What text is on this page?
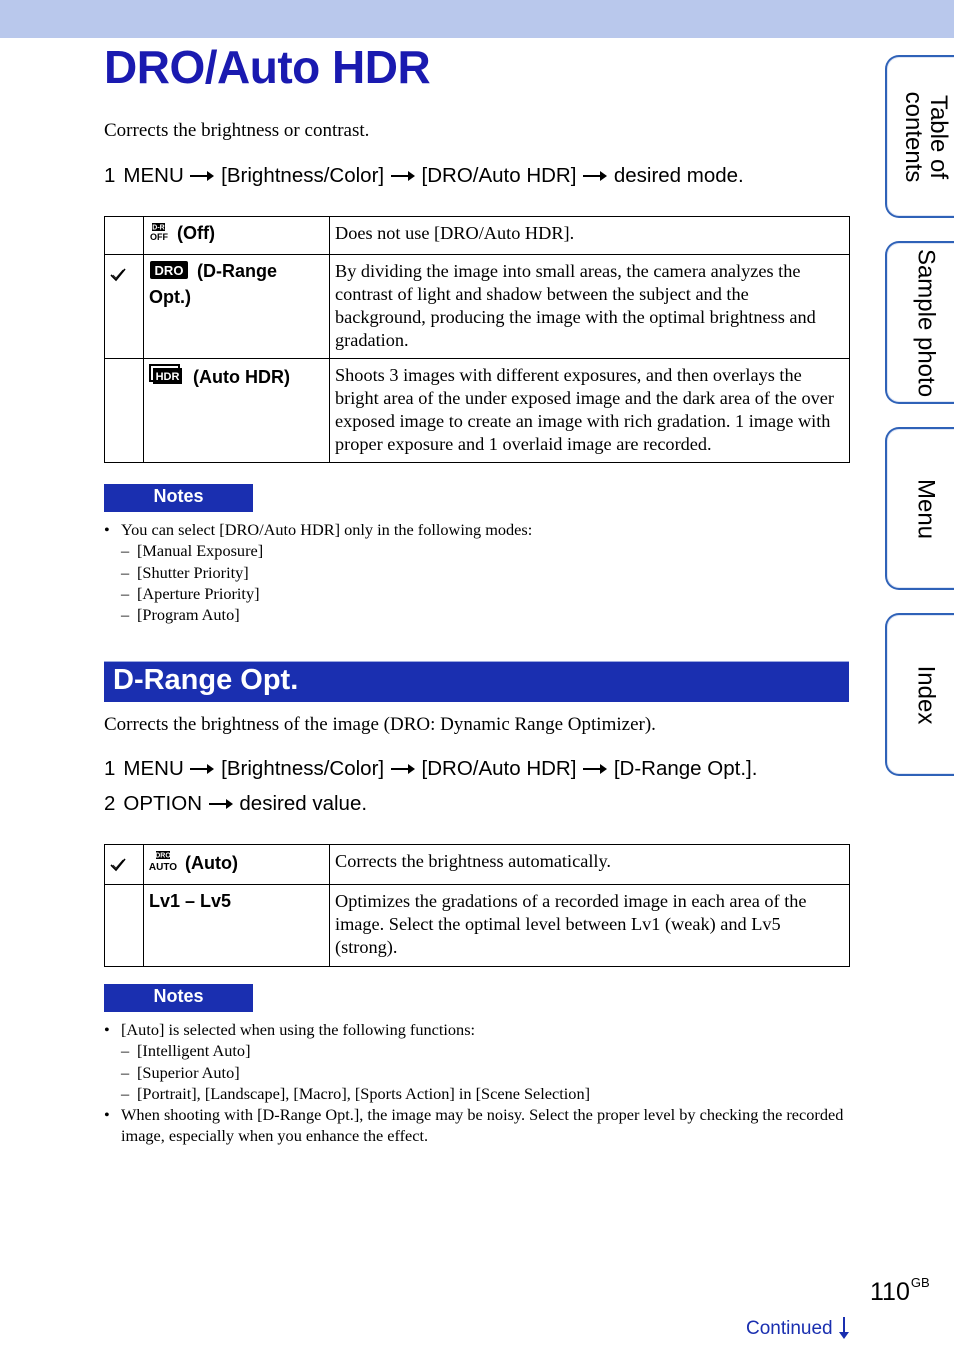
DRO/Auto HDR
Corrects the brightness or contrast.
1 MENU [Brightness/Color] [DRO/Auto HDR] desired mode.

D-R
OFF (Off)	Does not use [DRO/Auto HDR].

DRO (D-Range Opt.)	By dividing the image into small areas, the camera analyzes the contrast of light and shadow between the subject and the background, producing the image with the optimal brightness and gradation.

HDR (Auto HDR)	Shoots 3 images with different exposures, and then overlays the bright area of the under exposed image and the dark area of the over exposed image to create an image with rich gradation. 1 image with proper exposure and 1 overlaid image are recorded.
Notes
• You can select [DRO/Auto HDR] only in the following modes:
– [Manual Exposure]
– [Shutter Priority]
– [Aperture Priority]
– [Program Auto]
D-Range Opt.
Corrects the brightness of the image (DRO: Dynamic Range Optimizer).
1 MENU [Brightness/Color] [DRO/Auto HDR] [D-Range Opt.].
2 OPTION desired value.

DRO
AUTO (Auto)	Corrects the brightness automatically.
	Lv1 – Lv5	Optimizes the gradations of a recorded image in each area of the image. Select the optimal level between Lv1 (weak) and Lv5 (strong).
Notes
• [Auto] is selected when using the following functions:
– [Intelligent Auto]
– [Superior Auto]
– [Portrait], [Landscape], [Macro], [Sports Action] in [Scene Selection]
• When shooting with [D-Range Opt.], the image may be noisy. Select the proper level by checking the recorded image, especially when you enhance the effect.
Table of
contents
Sample photo
Menu
Index
$110^{GB}$
Continued
